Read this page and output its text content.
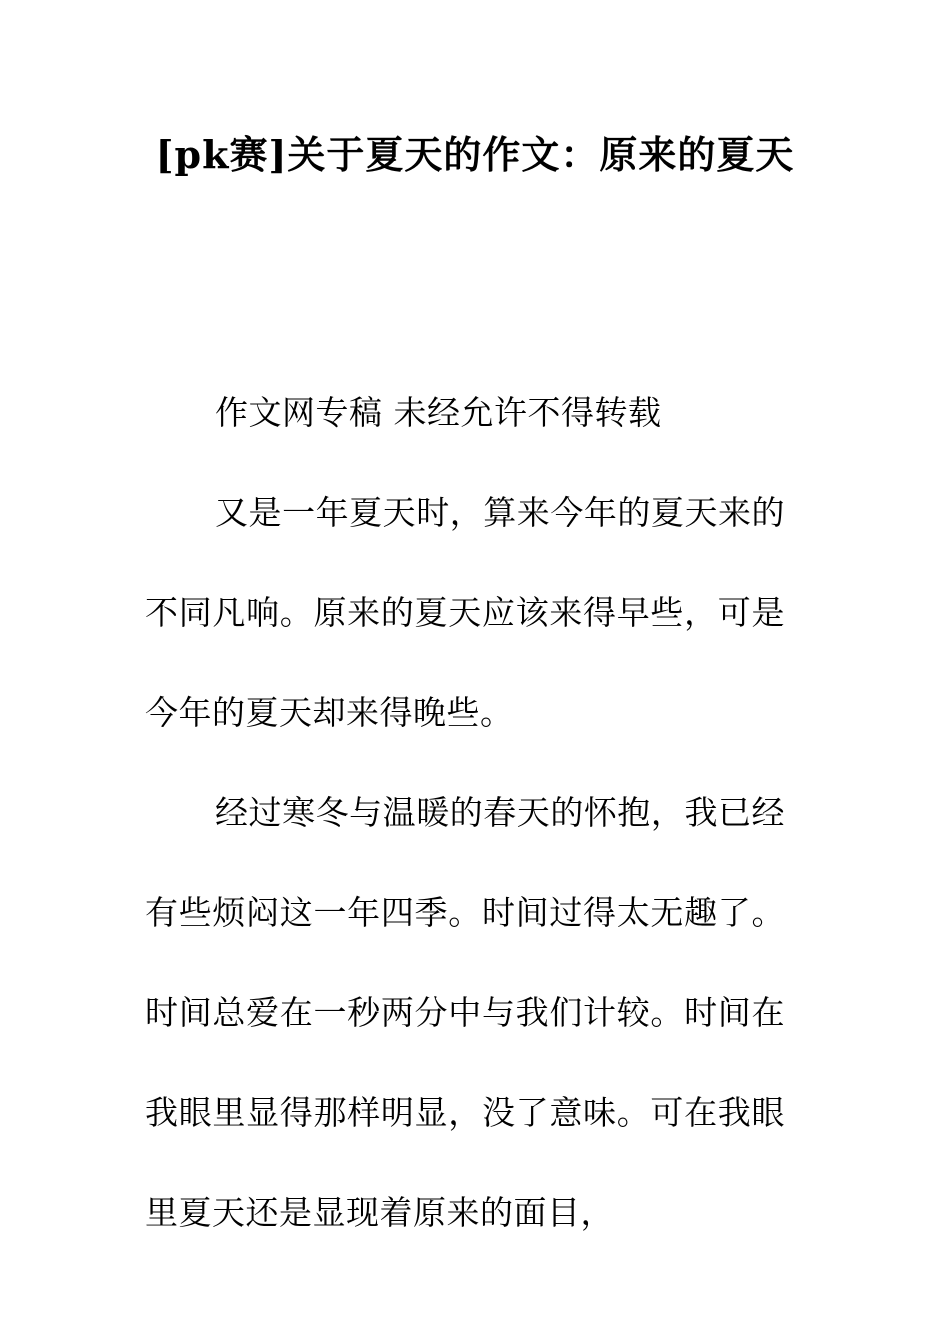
[pk赛]关于夏天的作文：原来的夏天

作文网专稿 未经允许不得转载

又是一年夏天时，算来今年的夏天来的不同凡响。原来的夏天应该来得早些，可是今年的夏天却来得晚些。

经过寒冬与温暖的春天的怀抱，我已经有些烦闷这一年四季。时间过得太无趣了。时间总爱在一秒两分中与我们计较。时间在我眼里显得那样明显，没了意味。可在我眼里夏天还是显现着原来的面目，
